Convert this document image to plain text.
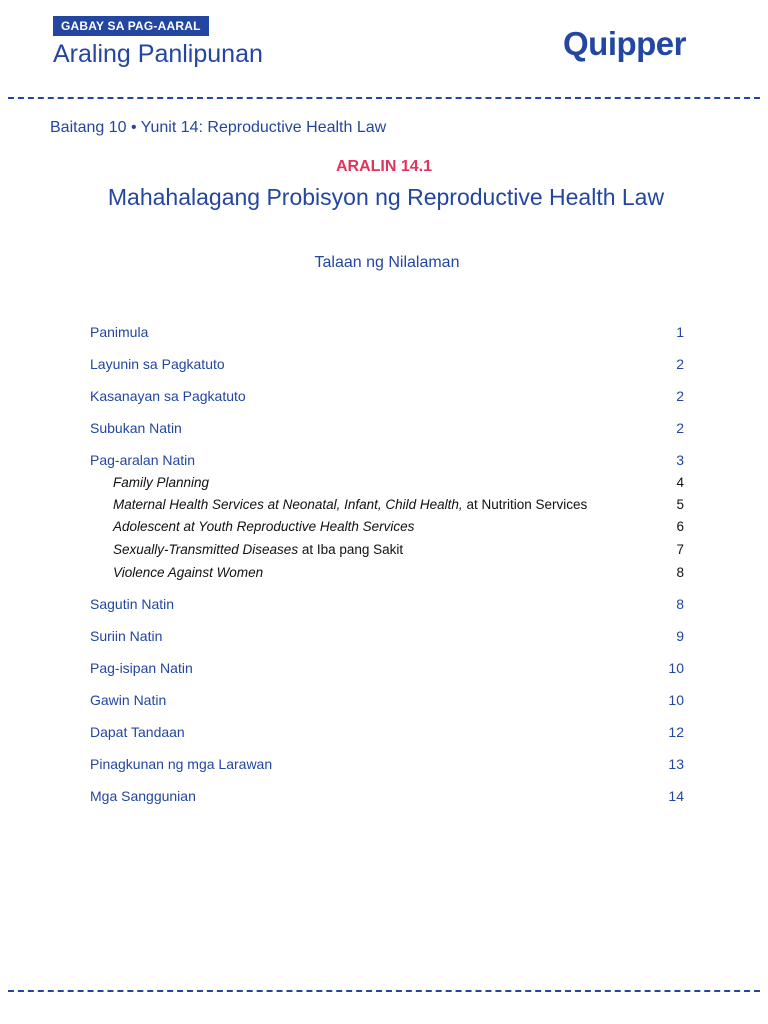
GABAY SA PAG-AARAL
Araling Panlipunan	Quipper
Baitang 10 • Yunit 14: Reproductive Health Law
ARALIN 14.1
Mahahalagang Probisyon ng Reproductive Health Law
Talaan ng Nilalaman
Panimula	1
Layunin sa Pagkatuto	2
Kasanayan sa Pagkatuto	2
Subukan Natin	2
Pag-aralan Natin	3
Family Planning	4
Maternal Health Services at Neonatal, Infant, Child Health, at Nutrition Services	5
Adolescent at Youth Reproductive Health Services	6
Sexually-Transmitted Diseases at Iba pang Sakit	7
Violence Against Women	8
Sagutin Natin	8
Suriin Natin	9
Pag-isipan Natin	10
Gawin Natin	10
Dapat Tandaan	12
Pinagkunan ng mga Larawan	13
Mga Sanggunian	14
